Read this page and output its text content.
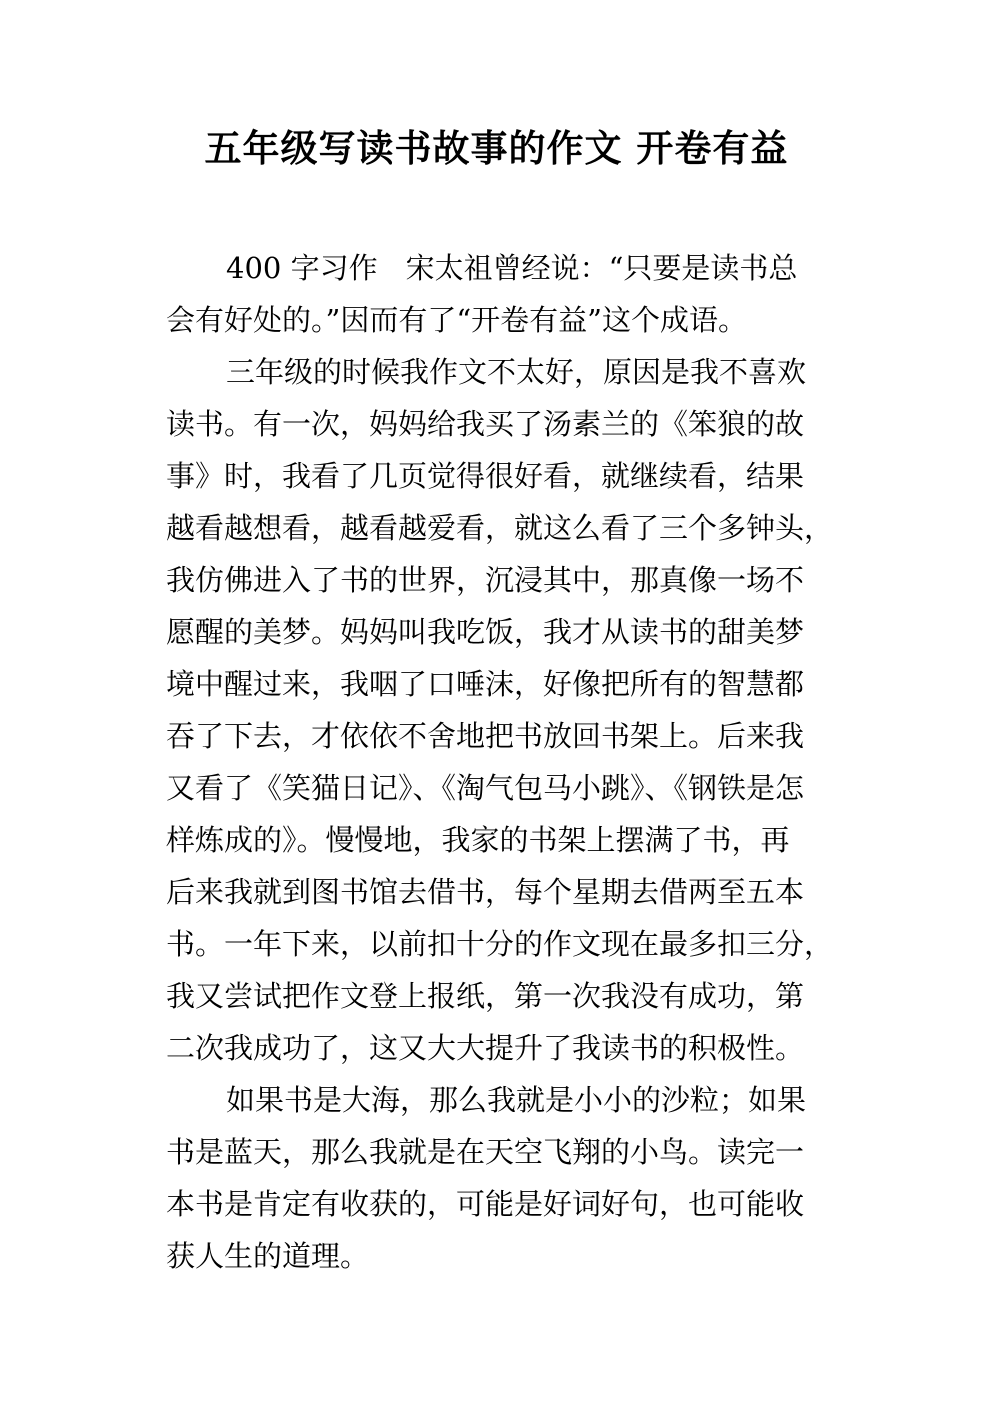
五年级写读书故事的作文 开卷有益
400 字习作 宋太祖曾经说：“只要是读书总
会有好处的。”因而有了“开卷有益”这个成语。
三年级的时候我作文不太好，原因是我不喜欢
读书。有一次，妈妈给我买了汤素兰的《笨狼的故
事》时，我看了几页觉得很好看，就继续看，结果
越看越想看，越看越爱看，就这么看了三个多钟头，
我仿佛进入了书的世界，沉浸其中，那真像一场不
愿醒的美梦。妈妈叫我吃饭，我才从读书的甜美梦
境中醒过来，我咽了口唾沫，好像把所有的智慧都
吞了下去，才依依不舍地把书放回书架上。后来我
又看了《笑猫日记》、《淘气包马小跳》、《钢铁是怎
样炼成的》。慢慢地，我家的书架上摆满了书，再
后来我就到图书馆去借书，每个星期去借两至五本
书。一年下来，以前扣十分的作文现在最多扣三分，
我又尝试把作文登上报纸，第一次我没有成功，第
二次我成功了，这又大大提升了我读书的积极性。
如果书是大海，那么我就是小小的沙粒；如果
书是蓝天，那么我就是在天空飞翔的小鸟。读完一
本书是肯定有收获的，可能是好词好句，也可能收
获人生的道理。
